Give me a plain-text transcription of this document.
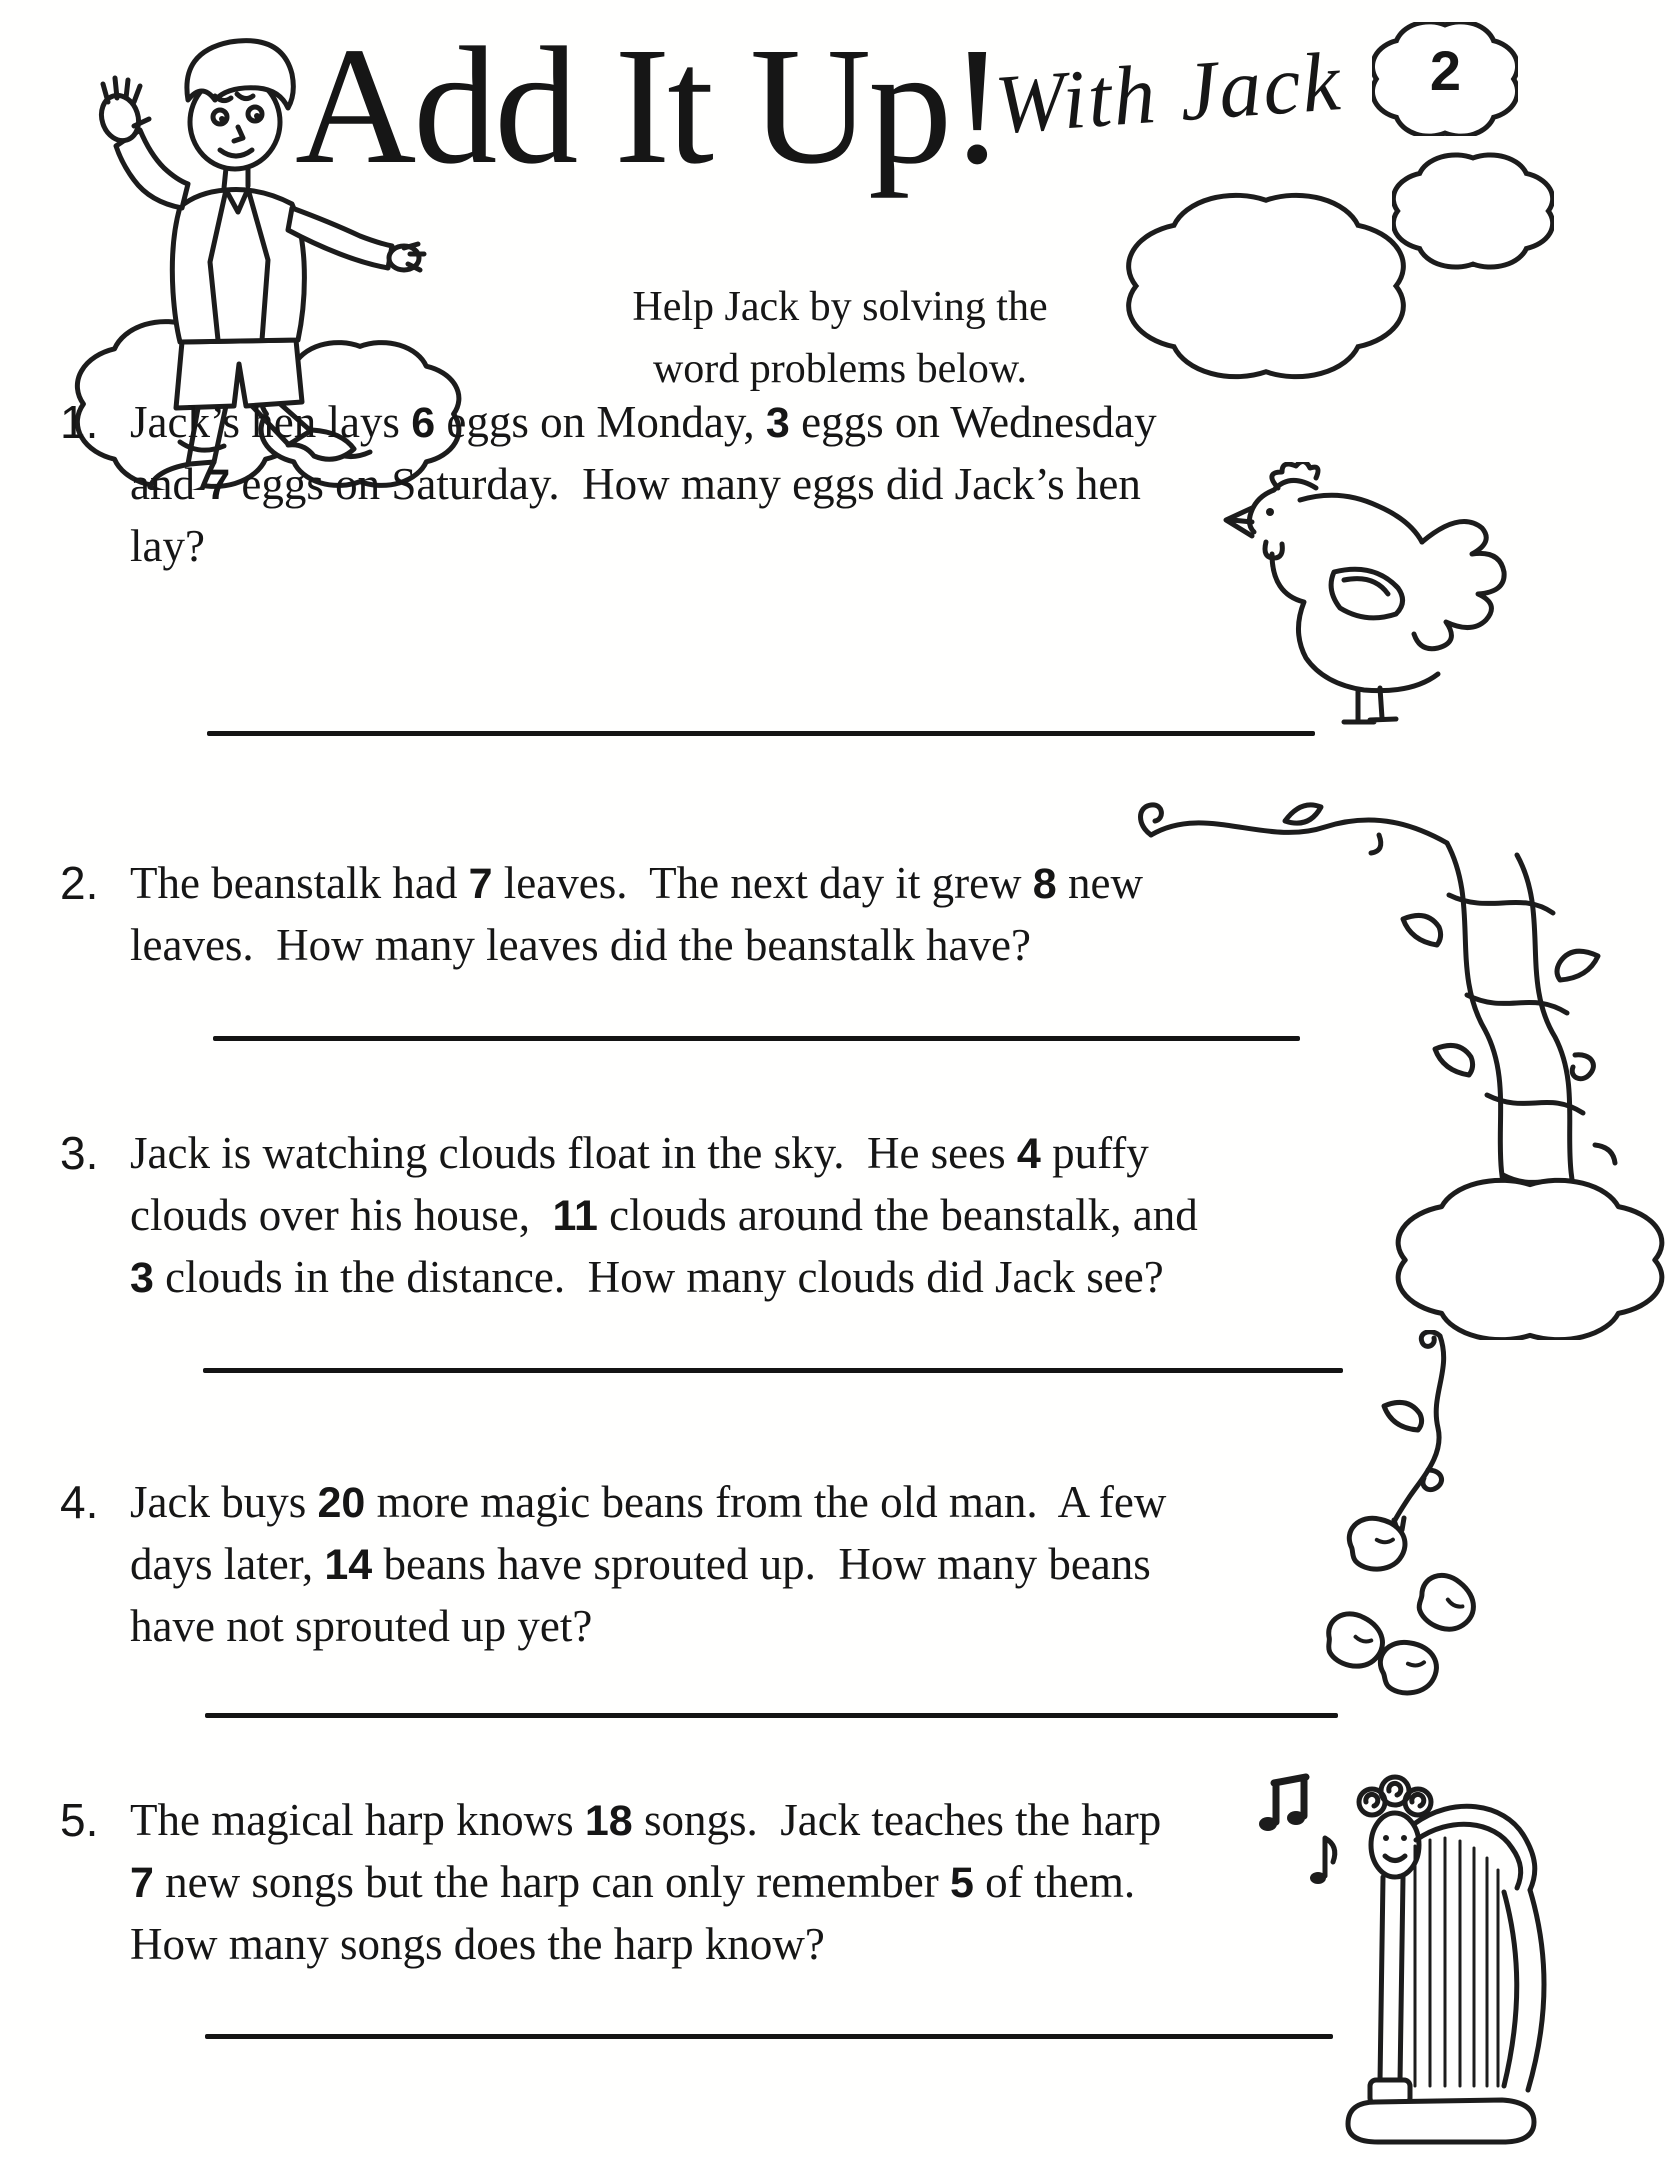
Add It Up!
With Jack	2
Help Jack by solving the
word problems below.
1. Jack’s hen lays 6 eggs on Monday, 3 eggs on Wednesday
and 7 eggs on Saturday.  How many eggs did Jack’s hen
lay?
2. The beanstalk had 7 leaves.  The next day it grew 8 new
leaves.  How many leaves did the beanstalk have?
3. Jack is watching clouds float in the sky.  He sees 4 puffy
clouds over his house,  11 clouds around the beanstalk, and
3 clouds in the distance.  How many clouds did Jack see?
4. Jack buys 20 more magic beans from the old man.  A few
days later, 14 beans have sprouted up.  How many beans
have not sprouted up yet?
5. The magical harp knows 18 songs.  Jack teaches the harp
7 new songs but the harp can only remember 5 of them.
How many songs does the harp know?
